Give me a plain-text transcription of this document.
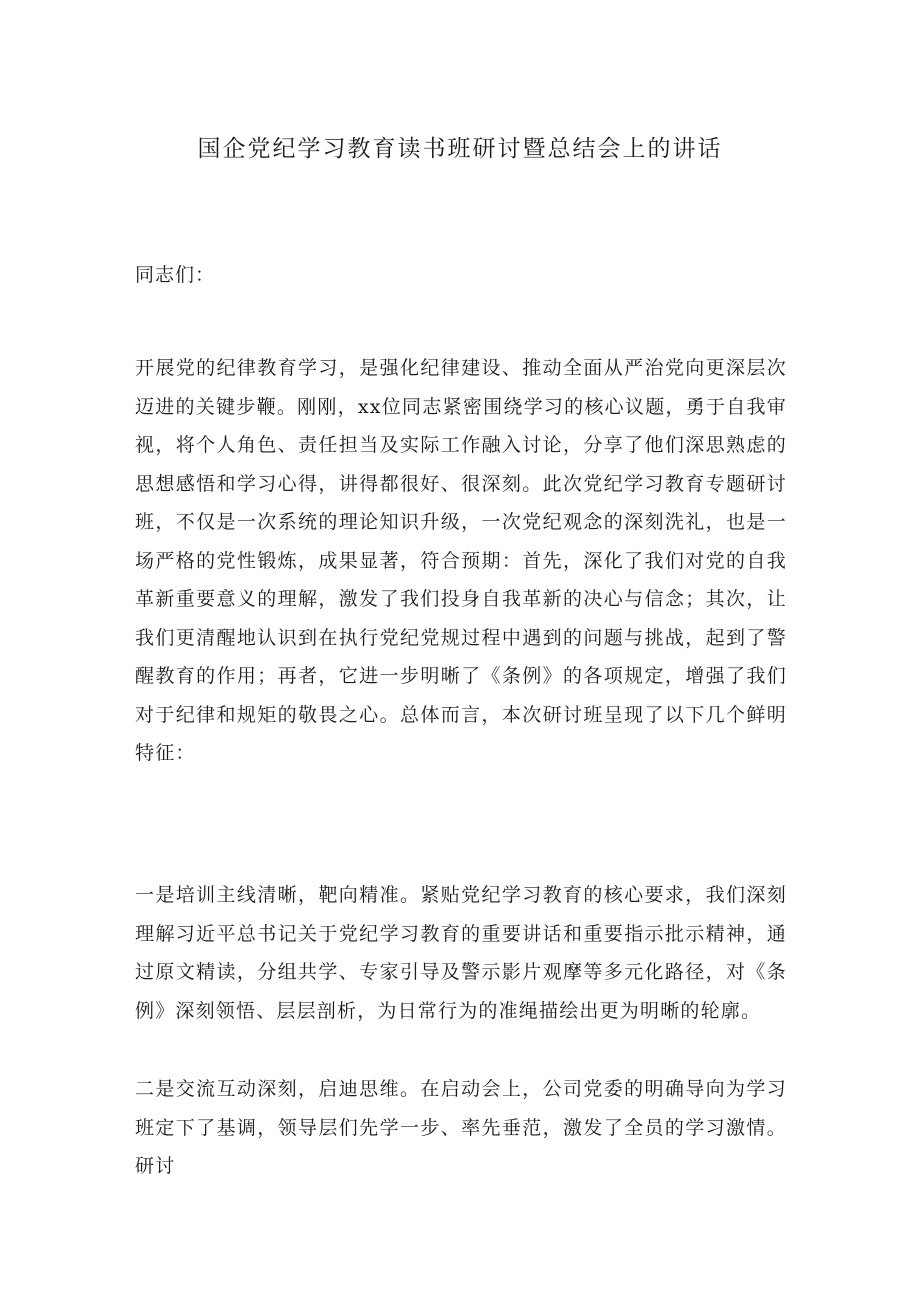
国企党纪学习教育读书班研讨暨总结会上的讲话

同志们：

开展党的纪律教育学习，是强化纪律建设、推动全面从严治党向更深层次迈进的关键步鞭。刚刚，xx位同志紧密围绕学习的核心议题，勇于自我审视，将个人角色、责任担当及实际工作融入讨论，分享了他们深思熟虑的思想感悟和学习心得，讲得都很好、很深刻。此次党纪学习教育专题研讨班，不仅是一次系统的理论知识升级，一次党纪观念的深刻洗礼，也是一场严格的党性锻炼，成果显著，符合预期：首先，深化了我们对党的自我革新重要意义的理解，激发了我们投身自我革新的决心与信念；其次，让我们更清醒地认识到在执行党纪党规过程中遇到的问题与挑战，起到了警醒教育的作用；再者，它进一步明晰了《条例》的各项规定，增强了我们对于纪律和规矩的敬畏之心。总体而言，本次研讨班呈现了以下几个鲜明特征：

一是培训主线清晰，靶向精准。紧贴党纪学习教育的核心要求，我们深刻理解习近平总书记关于党纪学习教育的重要讲话和重要指示批示精神，通过原文精读，分组共学、专家引导及警示影片观摩等多元化路径，对《条例》深刻领悟、层层剖析，为日常行为的准绳描绘出更为明晰的轮廓。

二是交流互动深刻，启迪思维。在启动会上，公司党委的明确导向为学习班定下了基调，领导层们先学一步、率先垂范，激发了全员的学习激情。研讨
